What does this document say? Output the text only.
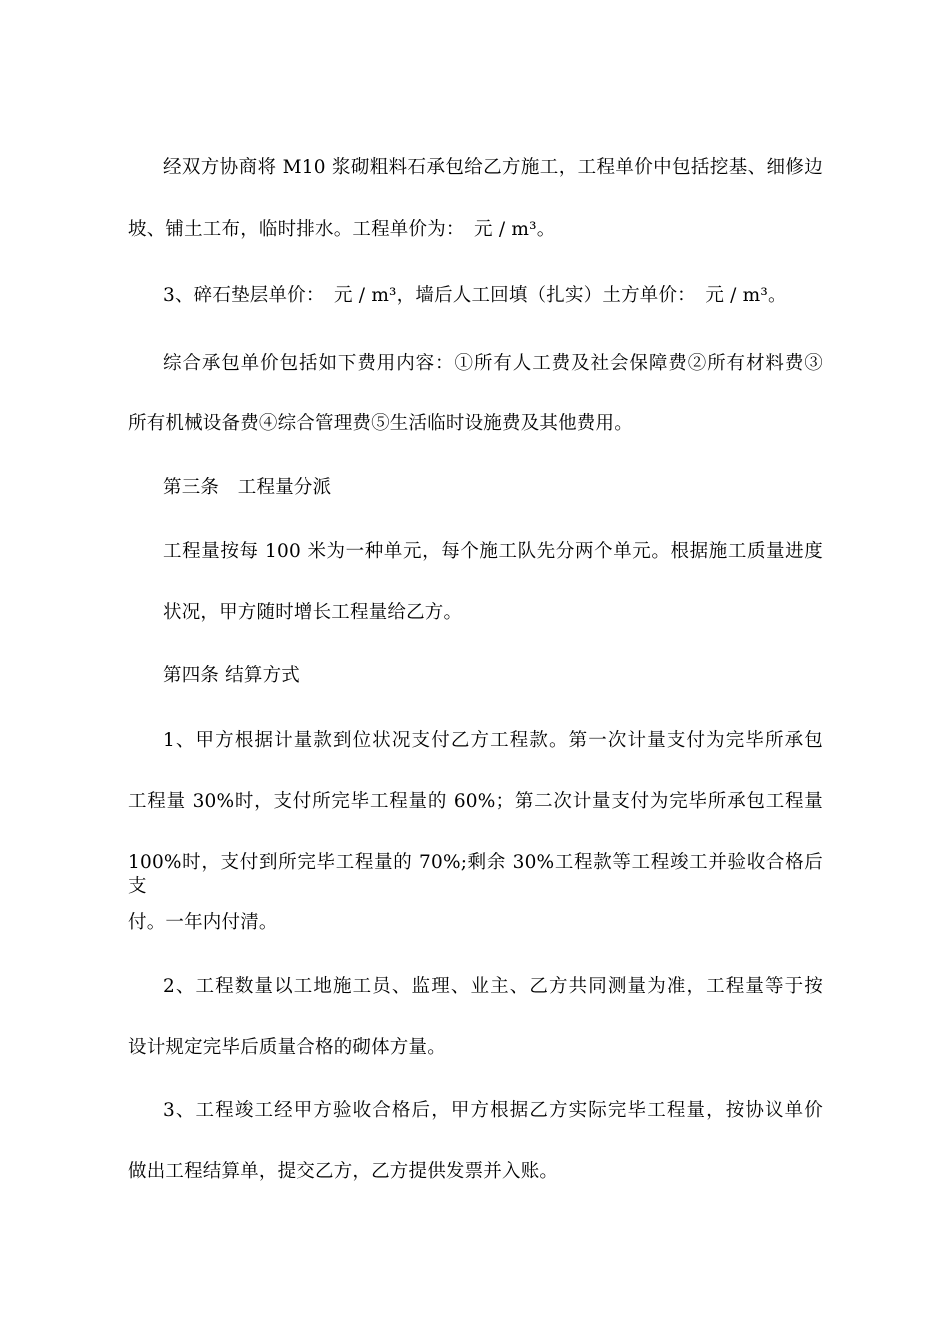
经双方协商将 M10 浆砌粗料石承包给乙方施工，工程单价中包括挖基、细修边
坡、铺土工布，临时排水。工程单价为：　元 / m³。
3、碎石垫层单价：　元 / m³，墙后人工回填（扎实）土方单价：　元 / m³。
综合承包单价包括如下费用内容：①所有人工费及社会保障费②所有材料费③
所有机械设备费④综合管理费⑤生活临时设施费及其他费用。
第三条　工程量分派
工程量按每 100 米为一种单元，每个施工队先分两个单元。根据施工质量进度
状况，甲方随时增长工程量给乙方。
第四条 结算方式
1、甲方根据计量款到位状况支付乙方工程款。第一次计量支付为完毕所承包
工程量 30%时，支付所完毕工程量的 60%；第二次计量支付为完毕所承包工程量
100%时，支付到所完毕工程量的 70%;剩余 30%工程款等工程竣工并验收合格后支
付。一年内付清。
2、工程数量以工地施工员、监理、业主、乙方共同测量为准，工程量等于按
设计规定完毕后质量合格的砌体方量。
3、工程竣工经甲方验收合格后，甲方根据乙方实际完毕工程量，按协议单价
做出工程结算单，提交乙方，乙方提供发票并入账。
